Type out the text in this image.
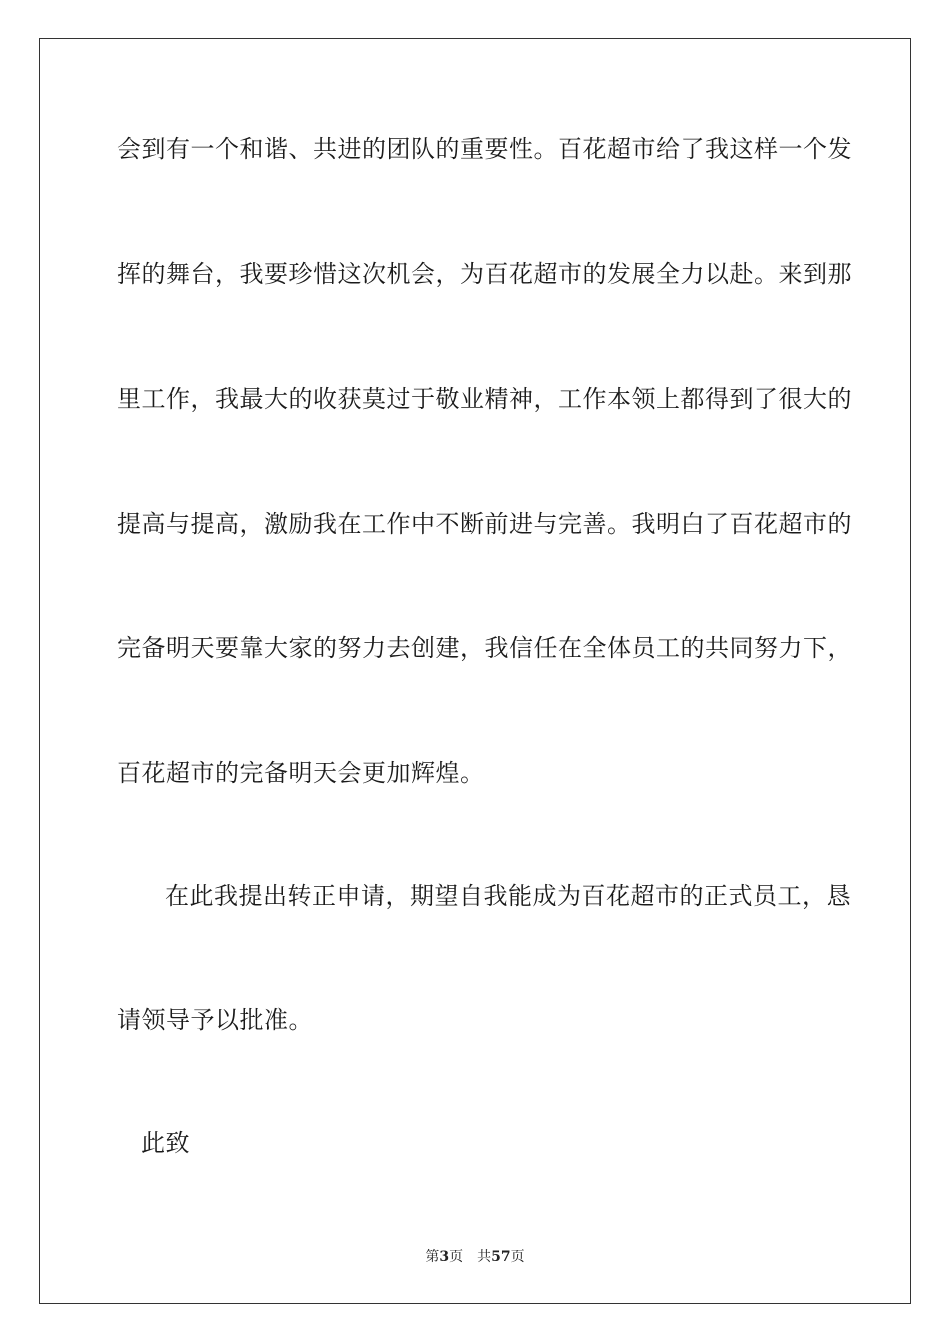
会到有一个和谐、共进的团队的重要性。百花超市给了我这样一个发
挥的舞台，我要珍惜这次机会，为百花超市的发展全力以赴。来到那
里工作，我最大的收获莫过于敬业精神，工作本领上都得到了很大的
提高与提高，激励我在工作中不断前进与完善。我明白了百花超市的
完备明天要靠大家的努力去创建，我信任在全体员工的共同努力下，
百花超市的完备明天会更加辉煌。
在此我提出转正申请，期望自我能成为百花超市的正式员工，恳
请领导予以批准。
此致
第3页 共57页
